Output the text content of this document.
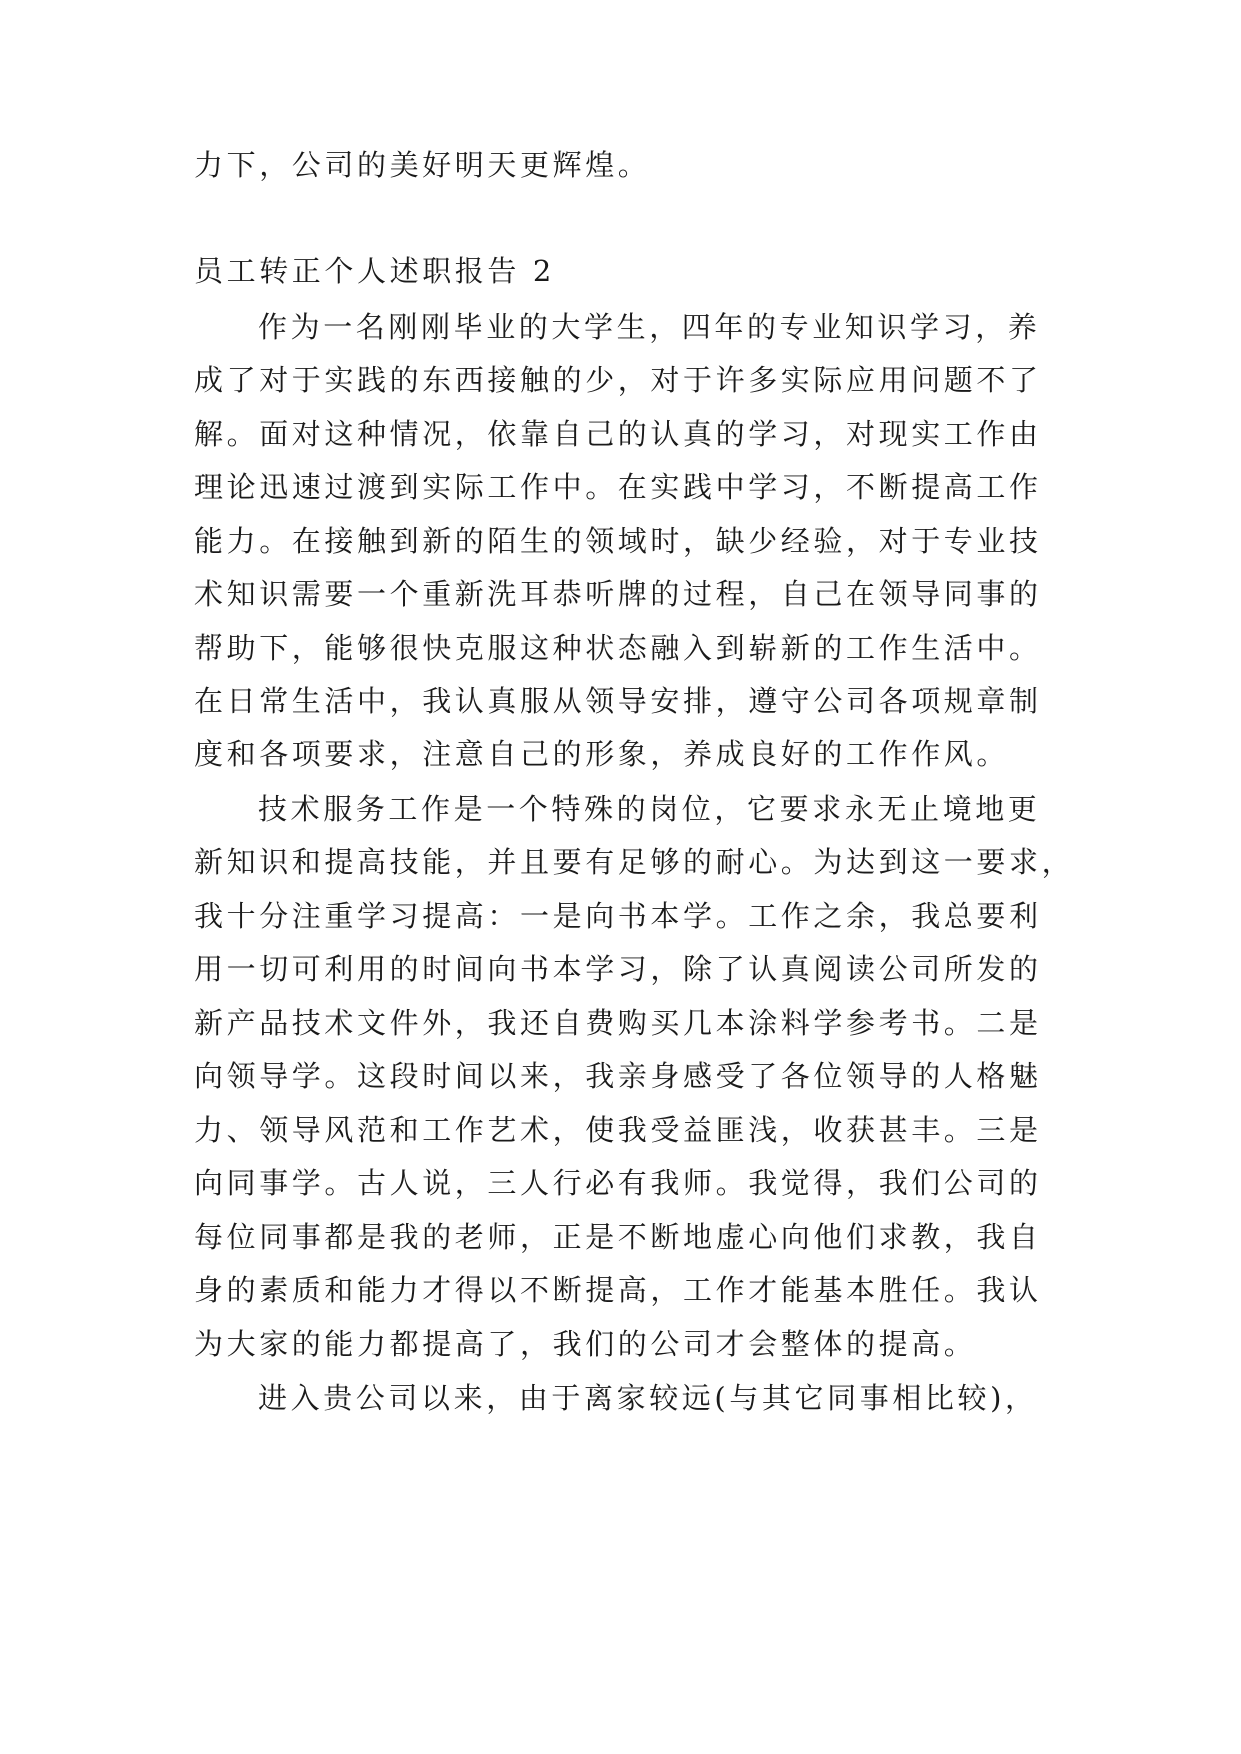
力下，公司的美好明天更辉煌。
员工转正个人述职报告 2
作为一名刚刚毕业的大学生，四年的专业知识学习，养
成了对于实践的东西接触的少，对于许多实际应用问题不了
解。面对这种情况，依靠自己的认真的学习，对现实工作由
理论迅速过渡到实际工作中。在实践中学习，不断提高工作
能力。在接触到新的陌生的领域时，缺少经验，对于专业技
术知识需要一个重新洗耳恭听牌的过程，自己在领导同事的
帮助下，能够很快克服这种状态融入到崭新的工作生活中。
在日常生活中，我认真服从领导安排，遵守公司各项规章制
度和各项要求，注意自己的形象，养成良好的工作作风。
技术服务工作是一个特殊的岗位，它要求永无止境地更
新知识和提高技能，并且要有足够的耐心。为达到这一要求，
我十分注重学习提高：一是向书本学。工作之余，我总要利
用一切可利用的时间向书本学习，除了认真阅读公司所发的
新产品技术文件外，我还自费购买几本涂料学参考书。二是
向领导学。这段时间以来，我亲身感受了各位领导的人格魅
力、领导风范和工作艺术，使我受益匪浅，收获甚丰。三是
向同事学。古人说，三人行必有我师。我觉得，我们公司的
每位同事都是我的老师，正是不断地虚心向他们求教，我自
身的素质和能力才得以不断提高，工作才能基本胜任。我认
为大家的能力都提高了，我们的公司才会整体的提高。
进入贵公司以来，由于离家较远(与其它同事相比较)，
